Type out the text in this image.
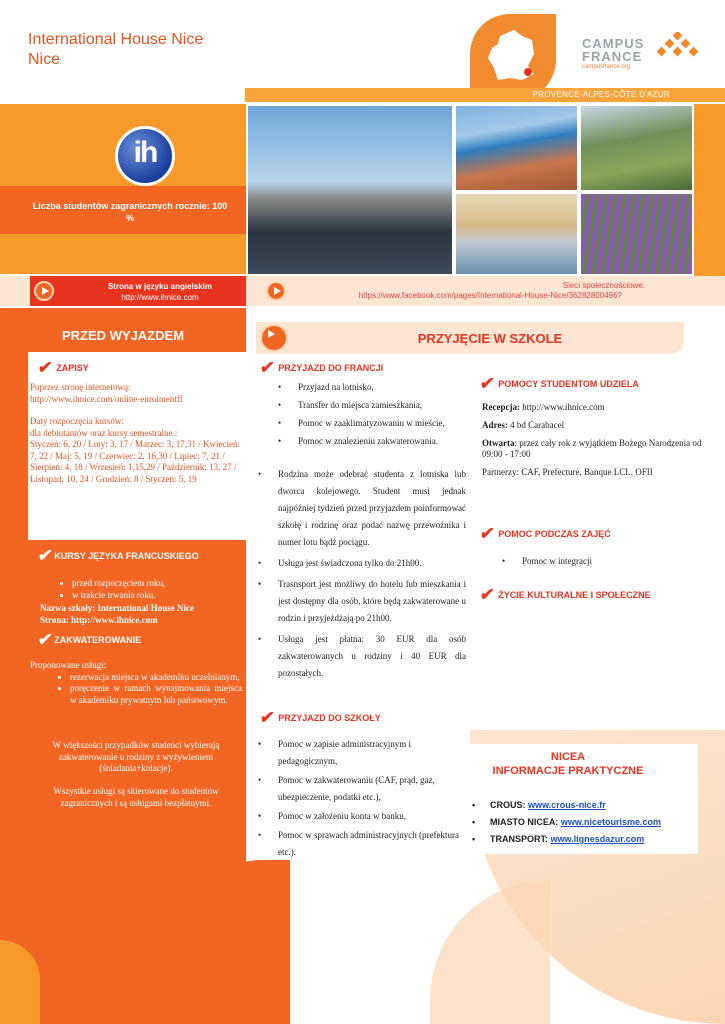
International House Nice
Nice
CAMPUS
FRANCE
campusfrance.org
PROVENCE-ALPES-CÔTE D'AZUR
ih
Liczba studentów zagranicznych rocznie: 100 %
Strona w języku angielskim
http://www.ihnice.com
Sieci społecznościowe:
https://www.facebook.com/pages/International-House-Nice/36282800496?
PRZED WYJAZDEM
✔ ZAPISY
Poprzez stronę internetową:
http://www.ihnice.com/online-enrolmentff
Daty rozpoczęcia kursów:
dla debiutantów oraz kursy semestralne :
Styczeń: 6, 20 / Luty: 3, 17 / Marzec: 3, 17,31 / Kwiecień: 7, 22 / Maj: 5, 19 / Czerwiec: 2, 16,30 / Lipiec: 7, 21 / Sierpień: 4, 18 / Wrzesień: 1,15,29 / Październik: 13, 27 / Listopad: 10, 24 / Grudzień: 8 / Styczeń: 5, 19
✔KURSY JĘZYKA FRANCUSKIEGO
• przed rozpoczęciem roku,
• w trakcie trwania roku.
Nazwa szkoły: International House Nice
Strona: http://www.ihnice.com
✔ZAKWATEROWANIE
Proponowane usługi:
• rezerwacja miejsca w akademiku uczelnianym,
• poręczenie w ramach wynajmowania miejsca w akademiku prywatnym lub państwowym.
W większości przypadków studenci wybierają zakwaterowanie u rodziny z wyżywieniem (śniadania+kolacje).
Wszystkie usługi są skierowane do studentów zagranicznych i są usługami bezpłatnymi.
PRZYJĘCIE W SZKOLE
✔ PRZYJAZD DO FRANCJI
• Przyjazd na lotnisko,
• Transfer do miejsca zamieszkania,
• Pomoc w zaaklimatyzowaniu w mieście,
• Pomoc w znalezieniu zakwaterowania.
• Rodzina może odebrać studenta z lotniska lub dworca kolejowego. Student musi jednak najpóźniej tydzień przed przyjazdem poinformować szkołę i rodzinę oraz podać nazwę przewoźnika i numer lotu bądź pociągu.
• Usługa jest świadczona tylko do 21h00.
• Trasnsport jest możliwy do hotelu lub mieszkania i jest dostępny dla osób, które będą zakwaterowane u rodzin i przyjeżdżają po 21h00.
• Usługa jest płatna: 30 EUR dla osób zakwaterowanych u rodziny i 40 EUR dla pozostałych.
✔ PRZYJAZD DO SZKOŁY
• Pomoc w zapisie administracyjnym i pedagogicznym,
• Pomoc w zakwaterowaniu (CAF, prąd, gaz, ubezpieczenie, podatki etc.),
• Pomoc w założeniu konta w banku,
• Pomoc w sprawach administracyjnych (prefektura etc.).
✔ POMOCY STUDENTOM UDZIELA

Recepcja: http://www.ihnice.com

Adres: 4 bd Carabacel

Otwarta: przez cały rok z wyjątkiem Bożego Narodzenia od 09:00 - 17:00

Partnerzy: CAF, Prefecture, Banque LCL, OFII

✔ POMOC PODCZAS ZAJĘĆ
• Pomoc w integracji
✔ ŻYCIE KULTURALNE I SPOŁECZNE
NICEA
INFORMACJE PRAKTYCZNE
• CROUS: www.crous-nice.fr
• MIASTO NICEA: www.nicetourisme.com
• TRANSPORT: www.lignesdazur.com
